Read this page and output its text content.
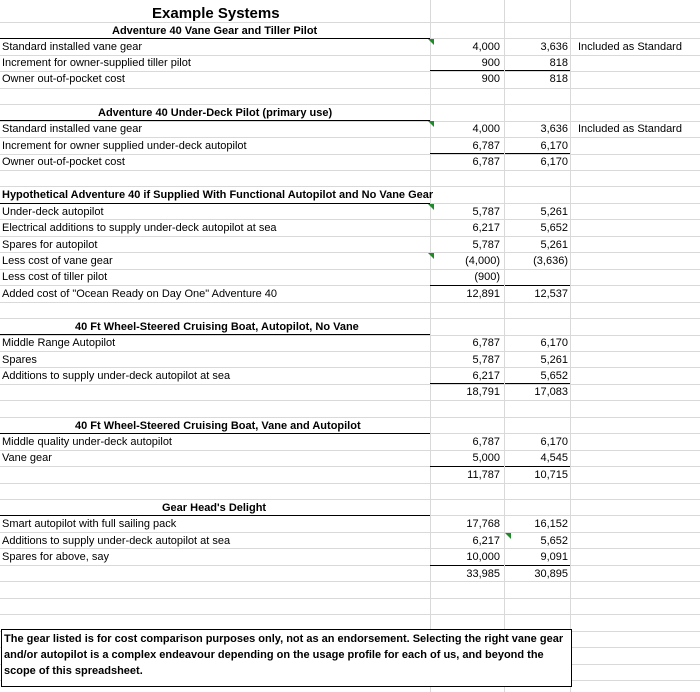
Example Systems
Adventure 40 Vane Gear and Tiller Pilot
Standard installed vane gear	4,000	3,636 Included as Standard
Increment for owner-supplied tiller pilot	900	818
Owner out-of-pocket cost	900	818
Adventure 40 Under-Deck Pilot (primary use)
Standard installed vane gear	4,000	3,636 Included as Standard
Increment for owner supplied under-deck autopilot	6,787	6,170
Owner out-of-pocket cost	6,787	6,170
Hypothetical Adventure 40 if Supplied With Functional Autopilot and No Vane Gear
Under-deck autopilot	5,787	5,261
Electrical additions to supply under-deck autopilot at sea	6,217	5,652
Spares for autopilot	5,787	5,261
Less cost of vane gear	(4,000)	(3,636)
Less cost of tiller pilot	(900)
Added cost of "Ocean Ready on Day One" Adventure 40	12,891	12,537
40 Ft Wheel-Steered Cruising Boat, Autopilot, No Vane
Middle Range Autopilot	6,787	6,170
Spares	5,787	5,261
Additions to supply under-deck autopilot at sea	6,217	5,652
18,791	17,083
40 Ft Wheel-Steered Cruising Boat, Vane and Autopilot
Middle quality under-deck autopilot	6,787	6,170
Vane gear	5,000	4,545
11,787	10,715
Gear Head's Delight
Smart autopilot with full sailing pack	17,768	16,152
Additions to supply under-deck autopilot at sea	6,217	5,652
Spares for above, say	10,000	9,091
33,985	30,895
The gear listed is for cost comparison purposes only, not as an endorsement. Selecting the right vane gear and/or autopilot is a complex endeavour depending on the usage profile for each of us, and beyond the scope of this spreadsheet.
